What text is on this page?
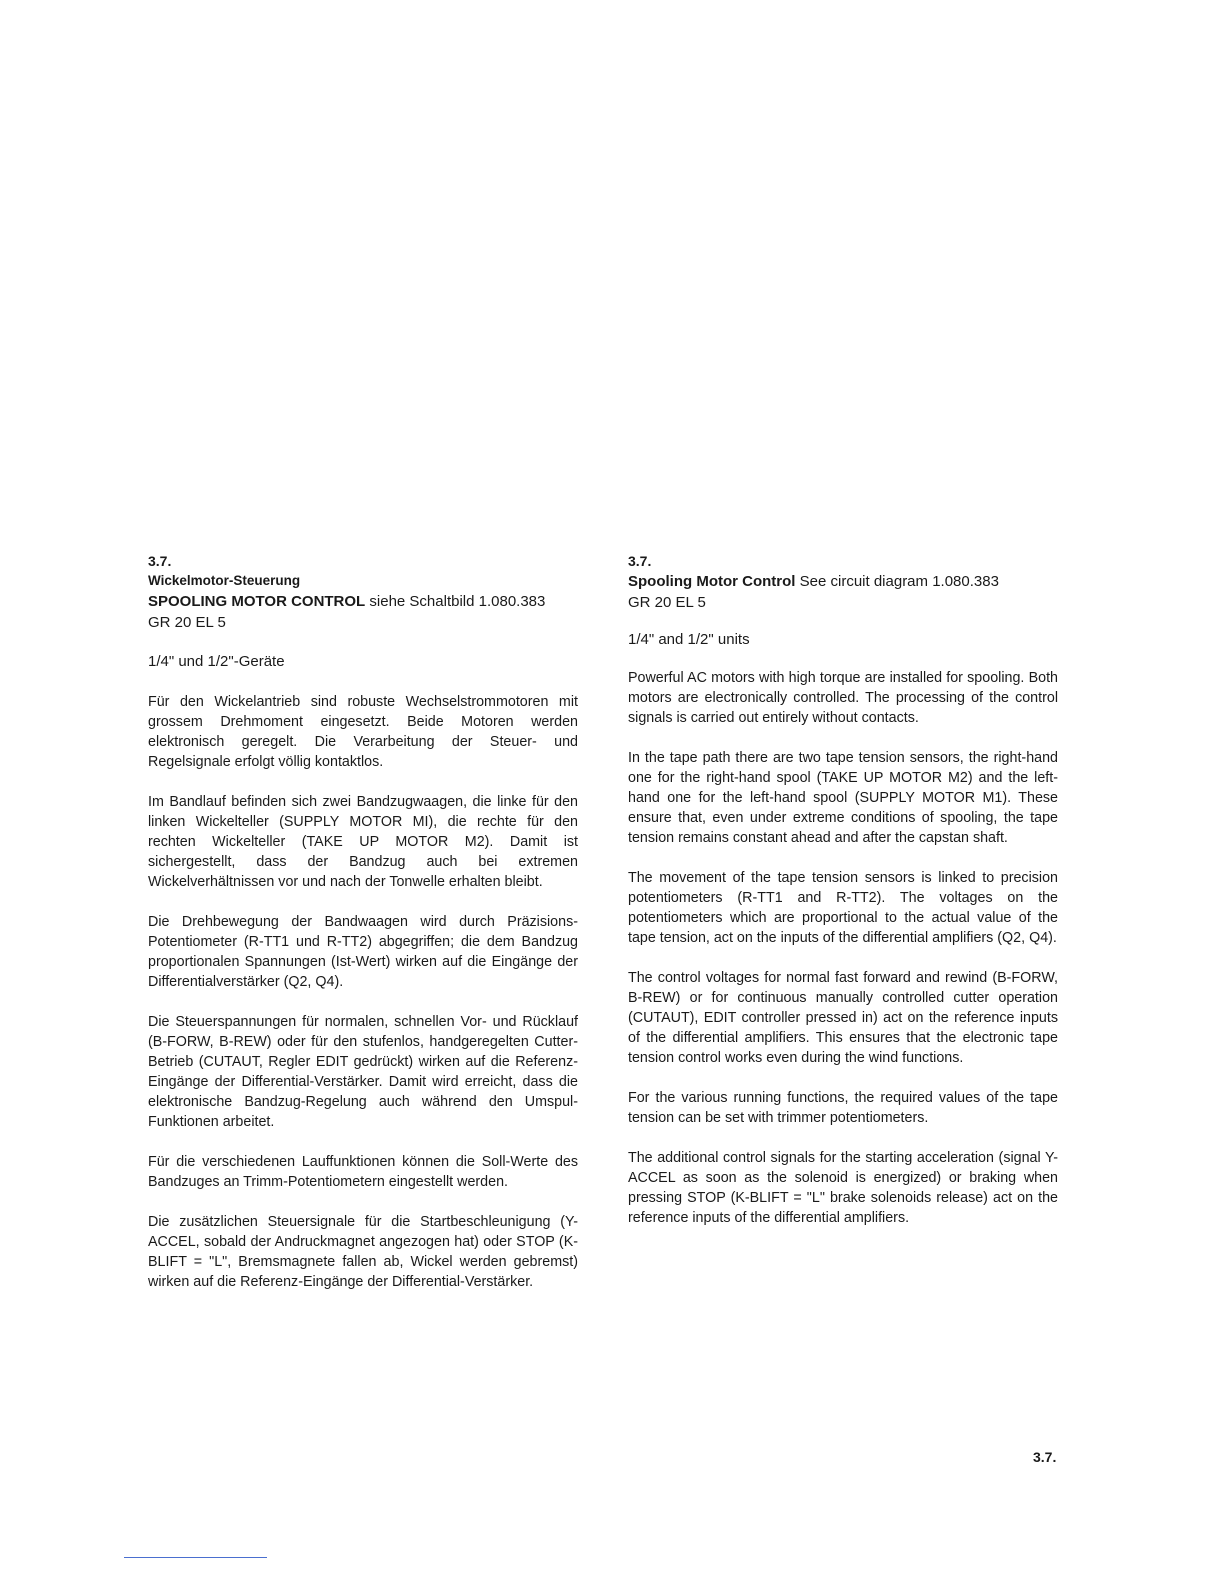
3.7.
Wickelmotor-Steuerung
SPOOLING MOTOR CONTROL siehe Schaltbild 1.080.383
GR 20 EL 5
1/4" und 1/2"-Geräte

Für den Wickelantrieb sind robuste Wechselstrommotoren mit grossem Drehmoment eingesetzt. Beide Motoren werden elektronisch geregelt. Die Verarbeitung der Steuer- und Regelsignale erfolgt völlig kontaktlos.

Im Bandlauf befinden sich zwei Bandzugwaagen, die linke für den linken Wickelteller (SUPPLY MOTOR MI), die rechte für den rechten Wickelteller (TAKE UP MOTOR M2). Damit ist sichergestellt, dass der Bandzug auch bei extremen Wickelverhältnissen vor und nach der Tonwelle erhalten bleibt.

Die Drehbewegung der Bandwaagen wird durch Präzisions-Potentiometer (R-TT1 und R-TT2) abgegriffen; die dem Bandzug proportionalen Spannungen (Ist-Wert) wirken auf die Eingänge der Differentialverstärker (Q2, Q4).

Die Steuerspannungen für normalen, schnellen Vor- und Rücklauf (B-FORW, B-REW) oder für den stufenlos, handgeregelten Cutter-Betrieb (CUTAUT, Regler EDIT gedrückt) wirken auf die Referenz-Eingänge der Differential-Verstärker. Damit wird erreicht, dass die elektronische Bandzug-Regelung auch während den Umspul-Funktionen arbeitet.

Für die verschiedenen Lauffunktionen können die Soll-Werte des Bandzuges an Trimm-Potentiometern eingestellt werden.

Die zusätzlichen Steuersignale für die Startbeschleunigung (Y-ACCEL, sobald der Andruckmagnet angezogen hat) oder STOP (K-BLIFT = "L", Bremsmagnete fallen ab, Wickel werden gebremst) wirken auf die Referenz-Eingänge der Differential-Verstärker.

3.7.
Spooling Motor Control See circuit diagram 1.080.383
GR 20 EL 5
1/4" and 1/2" units

Powerful AC motors with high torque are installed for spooling. Both motors are electronically controlled. The processing of the control signals is carried out entirely without contacts.

In the tape path there are two tape tension sensors, the right-hand one for the right-hand spool (TAKE UP MOTOR M2) and the left-hand one for the left-hand spool (SUPPLY MOTOR M1). These ensure that, even under extreme conditions of spooling, the tape tension remains constant ahead and after the capstan shaft.

The movement of the tape tension sensors is linked to precision potentiometers (R-TT1 and R-TT2). The voltages on the potentiometers which are proportional to the actual value of the tape tension, act on the inputs of the differential amplifiers (Q2, Q4).

The control voltages for normal fast forward and rewind (B-FORW, B-REW) or for continuous manually controlled cutter operation (CUTAUT), EDIT controller pressed in) act on the reference inputs of the differential amplifiers. This ensures that the electronic tape tension control works even during the wind functions.

For the various running functions, the required values of the tape tension can be set with trimmer potentiometers.

The additional control signals for the starting acceleration (signal Y-ACCEL as soon as the solenoid is energized) or braking when pressing STOP (K-BLIFT = "L" brake solenoids release) act on the reference inputs of the differential amplifiers.

3.7.
